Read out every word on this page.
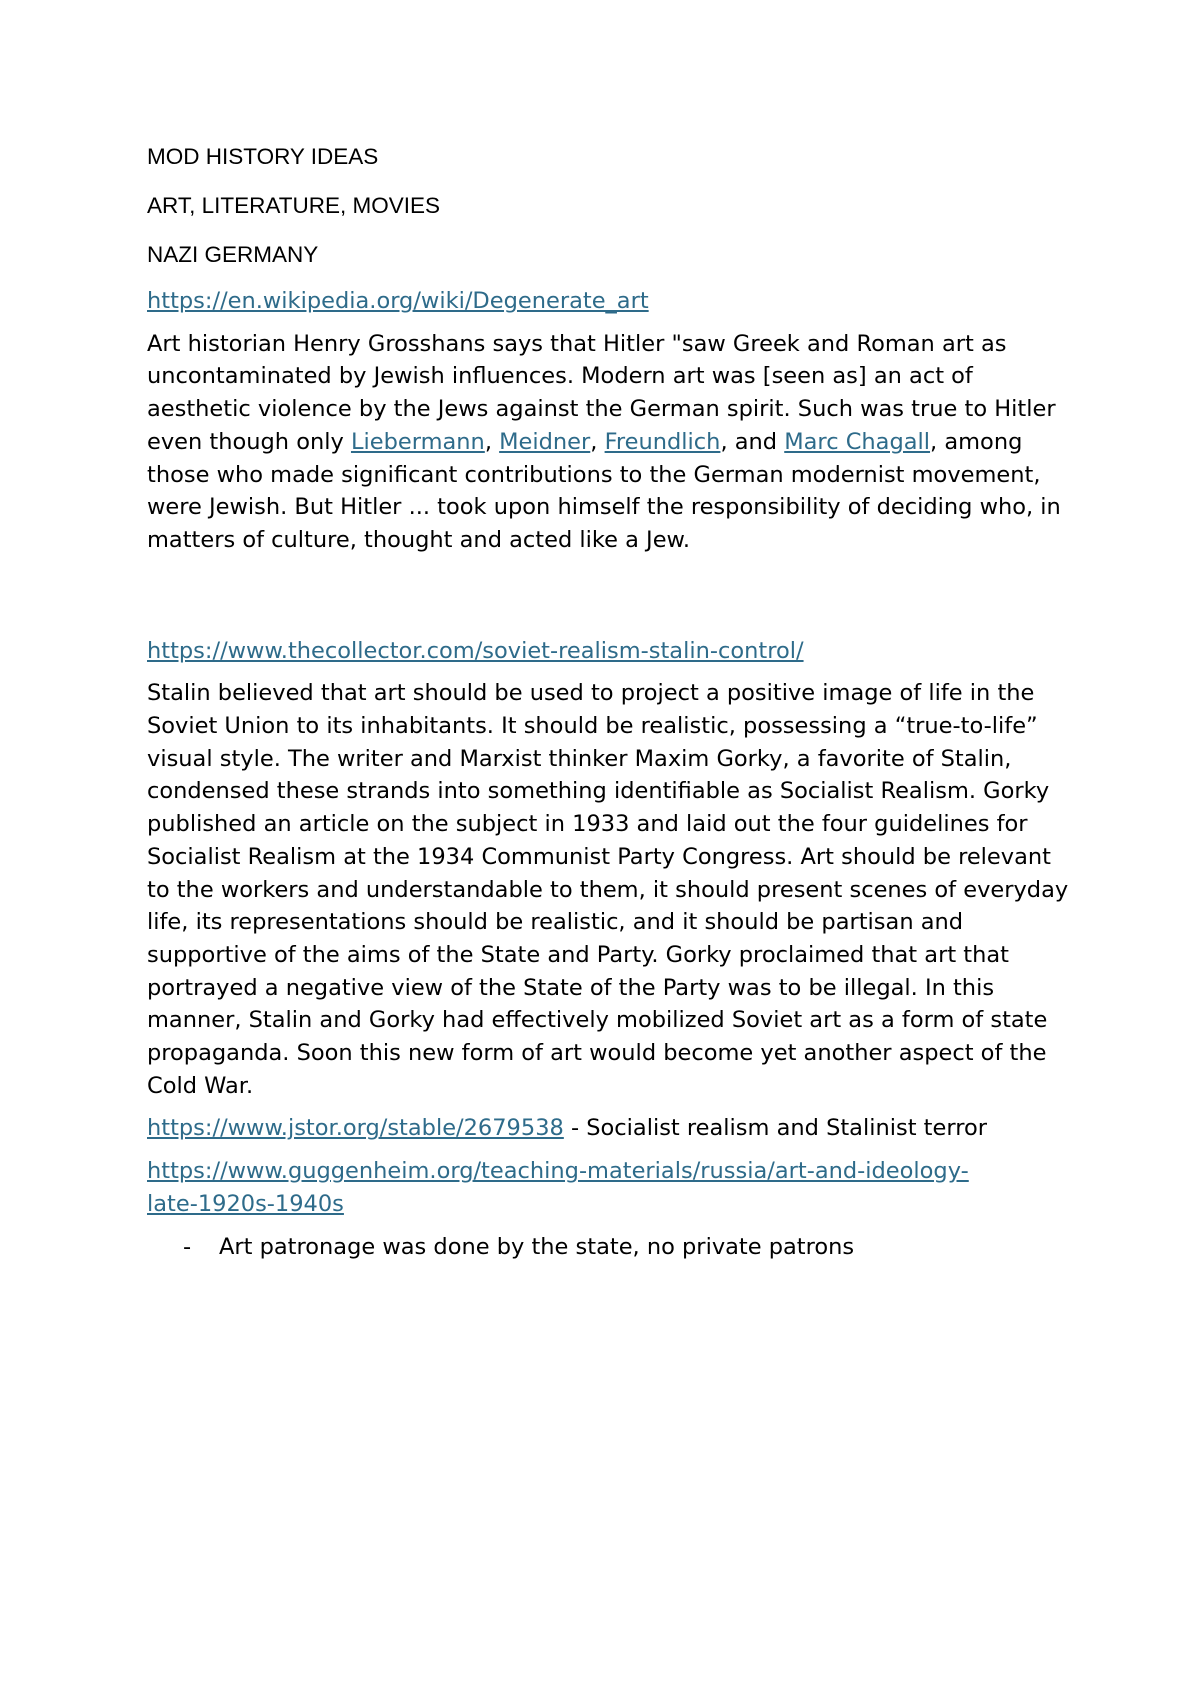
MOD HISTORY IDEAS
ART, LITERATURE, MOVIES
NAZI GERMANY
https://en.wikipedia.org/wiki/Degenerate_art

Art historian Henry Grosshans says that Hitler "saw Greek and Roman art as uncontaminated by Jewish influences. Modern art was [seen as] an act of aesthetic violence by the Jews against the German spirit. Such was true to Hitler even though only Liebermann, Meidner, Freundlich, and Marc Chagall, among those who made significant contributions to the German modernist movement, were Jewish. But Hitler ... took upon himself the responsibility of deciding who, in matters of culture, thought and acted like a Jew.

https://www.thecollector.com/soviet-realism-stalin-control/

Stalin believed that art should be used to project a positive image of life in the Soviet Union to its inhabitants. It should be realistic, possessing a “true-to-life” visual style. The writer and Marxist thinker Maxim Gorky, a favorite of Stalin, condensed these strands into something identifiable as Socialist Realism. Gorky published an article on the subject in 1933 and laid out the four guidelines for Socialist Realism at the 1934 Communist Party Congress. Art should be relevant to the workers and understandable to them, it should present scenes of everyday life, its representations should be realistic, and it should be partisan and supportive of the aims of the State and Party. Gorky proclaimed that art that portrayed a negative view of the State of the Party was to be illegal. In this manner, Stalin and Gorky had effectively mobilized Soviet art as a form of state propaganda. Soon this new form of art would become yet another aspect of the Cold War.

https://www.jstor.org/stable/2679538 - Socialist realism and Stalinist terror
https://www.guggenheim.org/teaching-materials/russia/art-and-ideology-
late-1920s-1940s
- Art patronage was done by the state, no private patrons
